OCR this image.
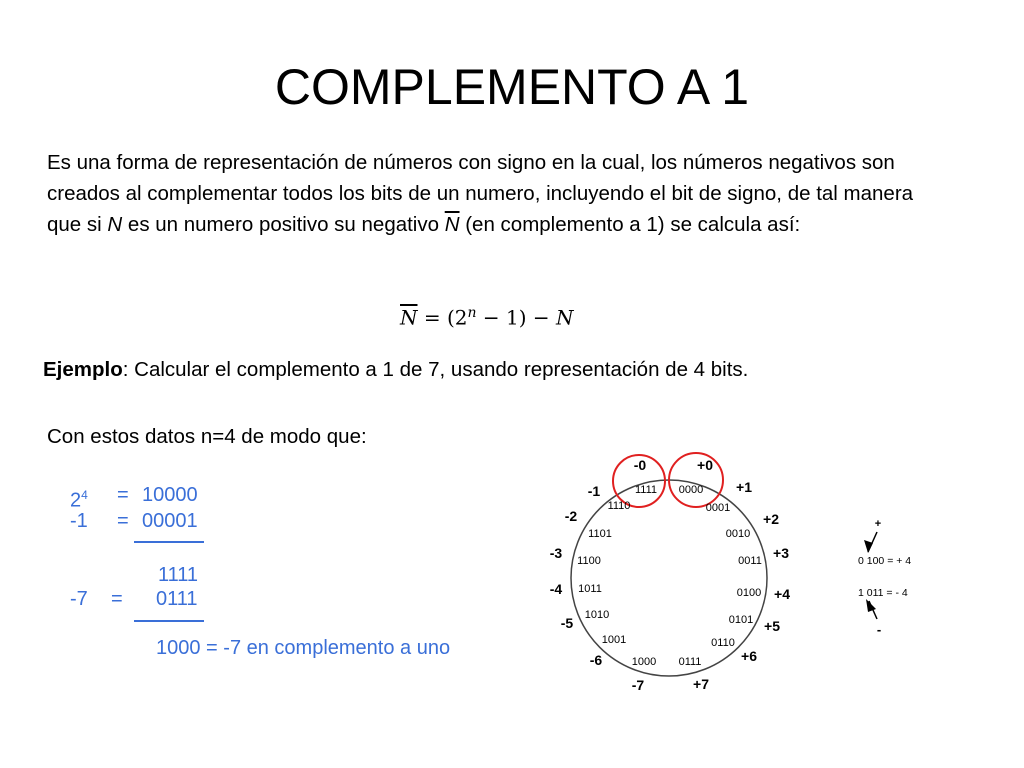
COMPLEMENTO A 1
Es una forma de representación de números con signo en la cual, los números negativos son creados al complementar todos los bits de un numero, incluyendo el bit de signo, de tal manera que si N es un numero positivo su negativo $\overline{N}$ (en complemento a 1) se calcula así:
$\overline{N} = (2^n - 1) - N$
Ejemplo: Calcular el complemento a 1 de 7, usando representación de 4 bits.
Con estos datos n=4 de modo que:
$2^4 = 10000$
-1 = 00001
1111
-7 = 0111
1000 = -7 en complemento a uno
-0	+0
+1
+2
+3
+4
+5
+6
+7
-7
-6
-5
-4
-3
-2
-1	1111 0000
0001
0010
0011
0100
0101
0110
0111
1000
1001
1010
1011
1100
1101
1110
+
0 100 = + 4
1 011 = - 4
-
